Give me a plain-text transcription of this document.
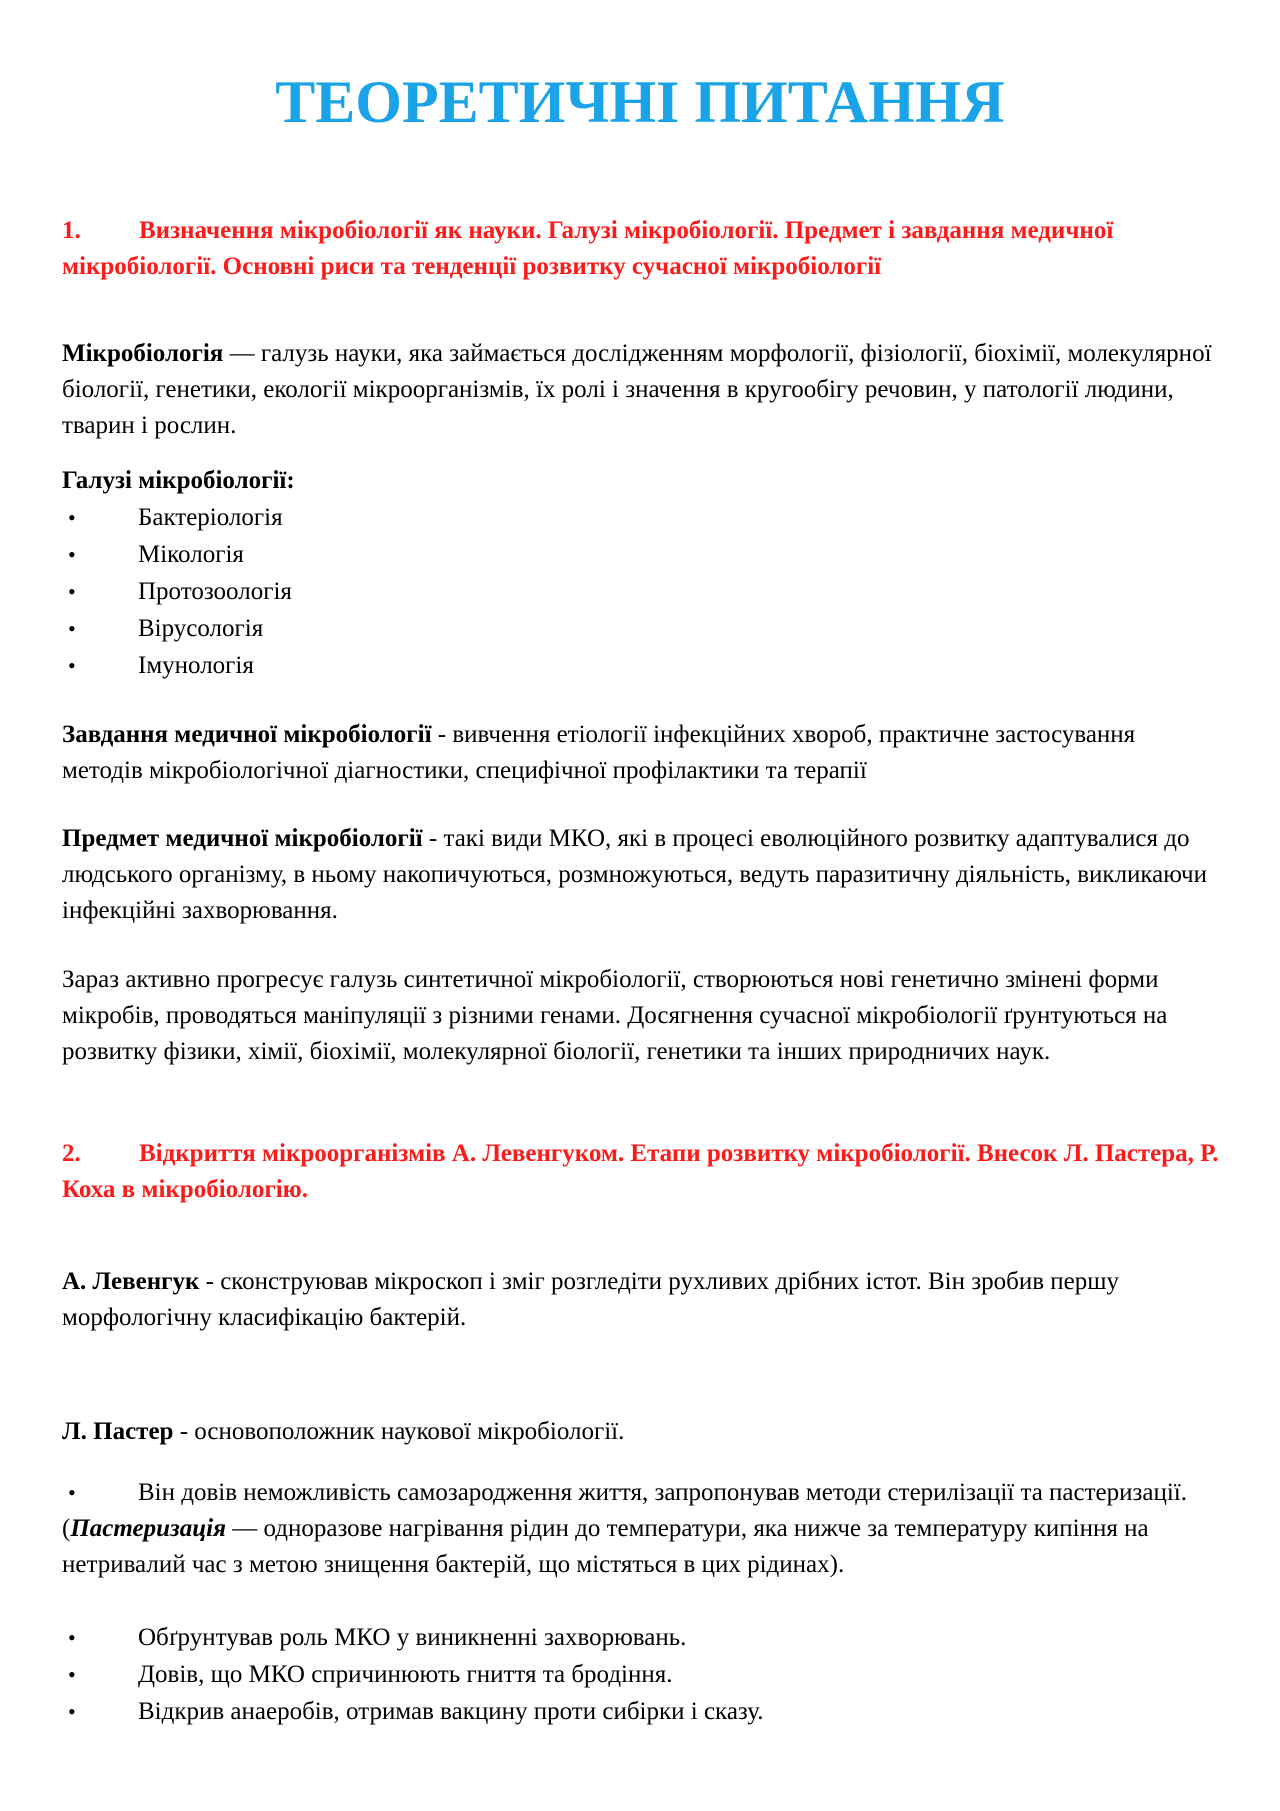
ТЕОРЕТИЧНІ ПИТАННЯ

1. Визначення мікробіології як науки. Галузі мікробіології. Предмет і завдання медичної мікробіології. Основні риси та тенденції розвитку сучасної мікробіології

Мікробіологія — галузь науки, яка займається дослідженням морфології, фізіології, біохімії, молекулярної біології, генетики, екології мікроорганізмів, їх ролі і значення в кругообігу речовин, у патології людини, тварин і рослин.

Галузі мікробіології:

• Бактеріологія
• Мікологія
• Протозоологія
• Вірусологія
• Імунологія

Завдання медичної мікробіології - вивчення етіології інфекційних хвороб, практичне застосування методів мікробіологічної діагностики, специфічної профілактики та терапії

Предмет медичної мікробіології - такі види МКО, які в процесі еволюційного розвитку адаптувалися до людського організму, в ньому накопичуються, розмножуються, ведуть паразитичну діяльність, викликаючи інфекційні захворювання.

Зараз активно прогресує галузь синтетичної мікробіології, створюються нові генетично змінені форми мікробів, проводяться маніпуляції з різними генами. Досягнення сучасної мікробіології ґрунтуються на розвитку фізики, хімії, біохімії, молекулярної біології, генетики та інших природничих наук.

2. Відкриття мікроорганізмів А. Левенгуком. Етапи розвитку мікробіології. Внесок Л. Пастера, Р. Коха в мікробіологію.

А. Левенгук - сконструював мікроскоп і зміг розгледіти рухливих дрібних істот. Він зробив першу морфологічну класифікацію бактерій.

Л. Пастер - основоположник наукової мікробіології.

• Він довів неможливість самозародження життя, запропонував методи стерилізації та пастеризації. (Пастеризація — одноразове нагрівання рідин до температури, яка нижче за температуру кипіння на нетривалий час з метою знищення бактерій, що містяться в цих рідинах).

• Обґрунтував роль МКО у виникненні захворювань.
• Довів, що МКО спричинюють гниття та бродіння.
• Відкрив анаеробів, отримав вакцину проти сибірки і сказу.
